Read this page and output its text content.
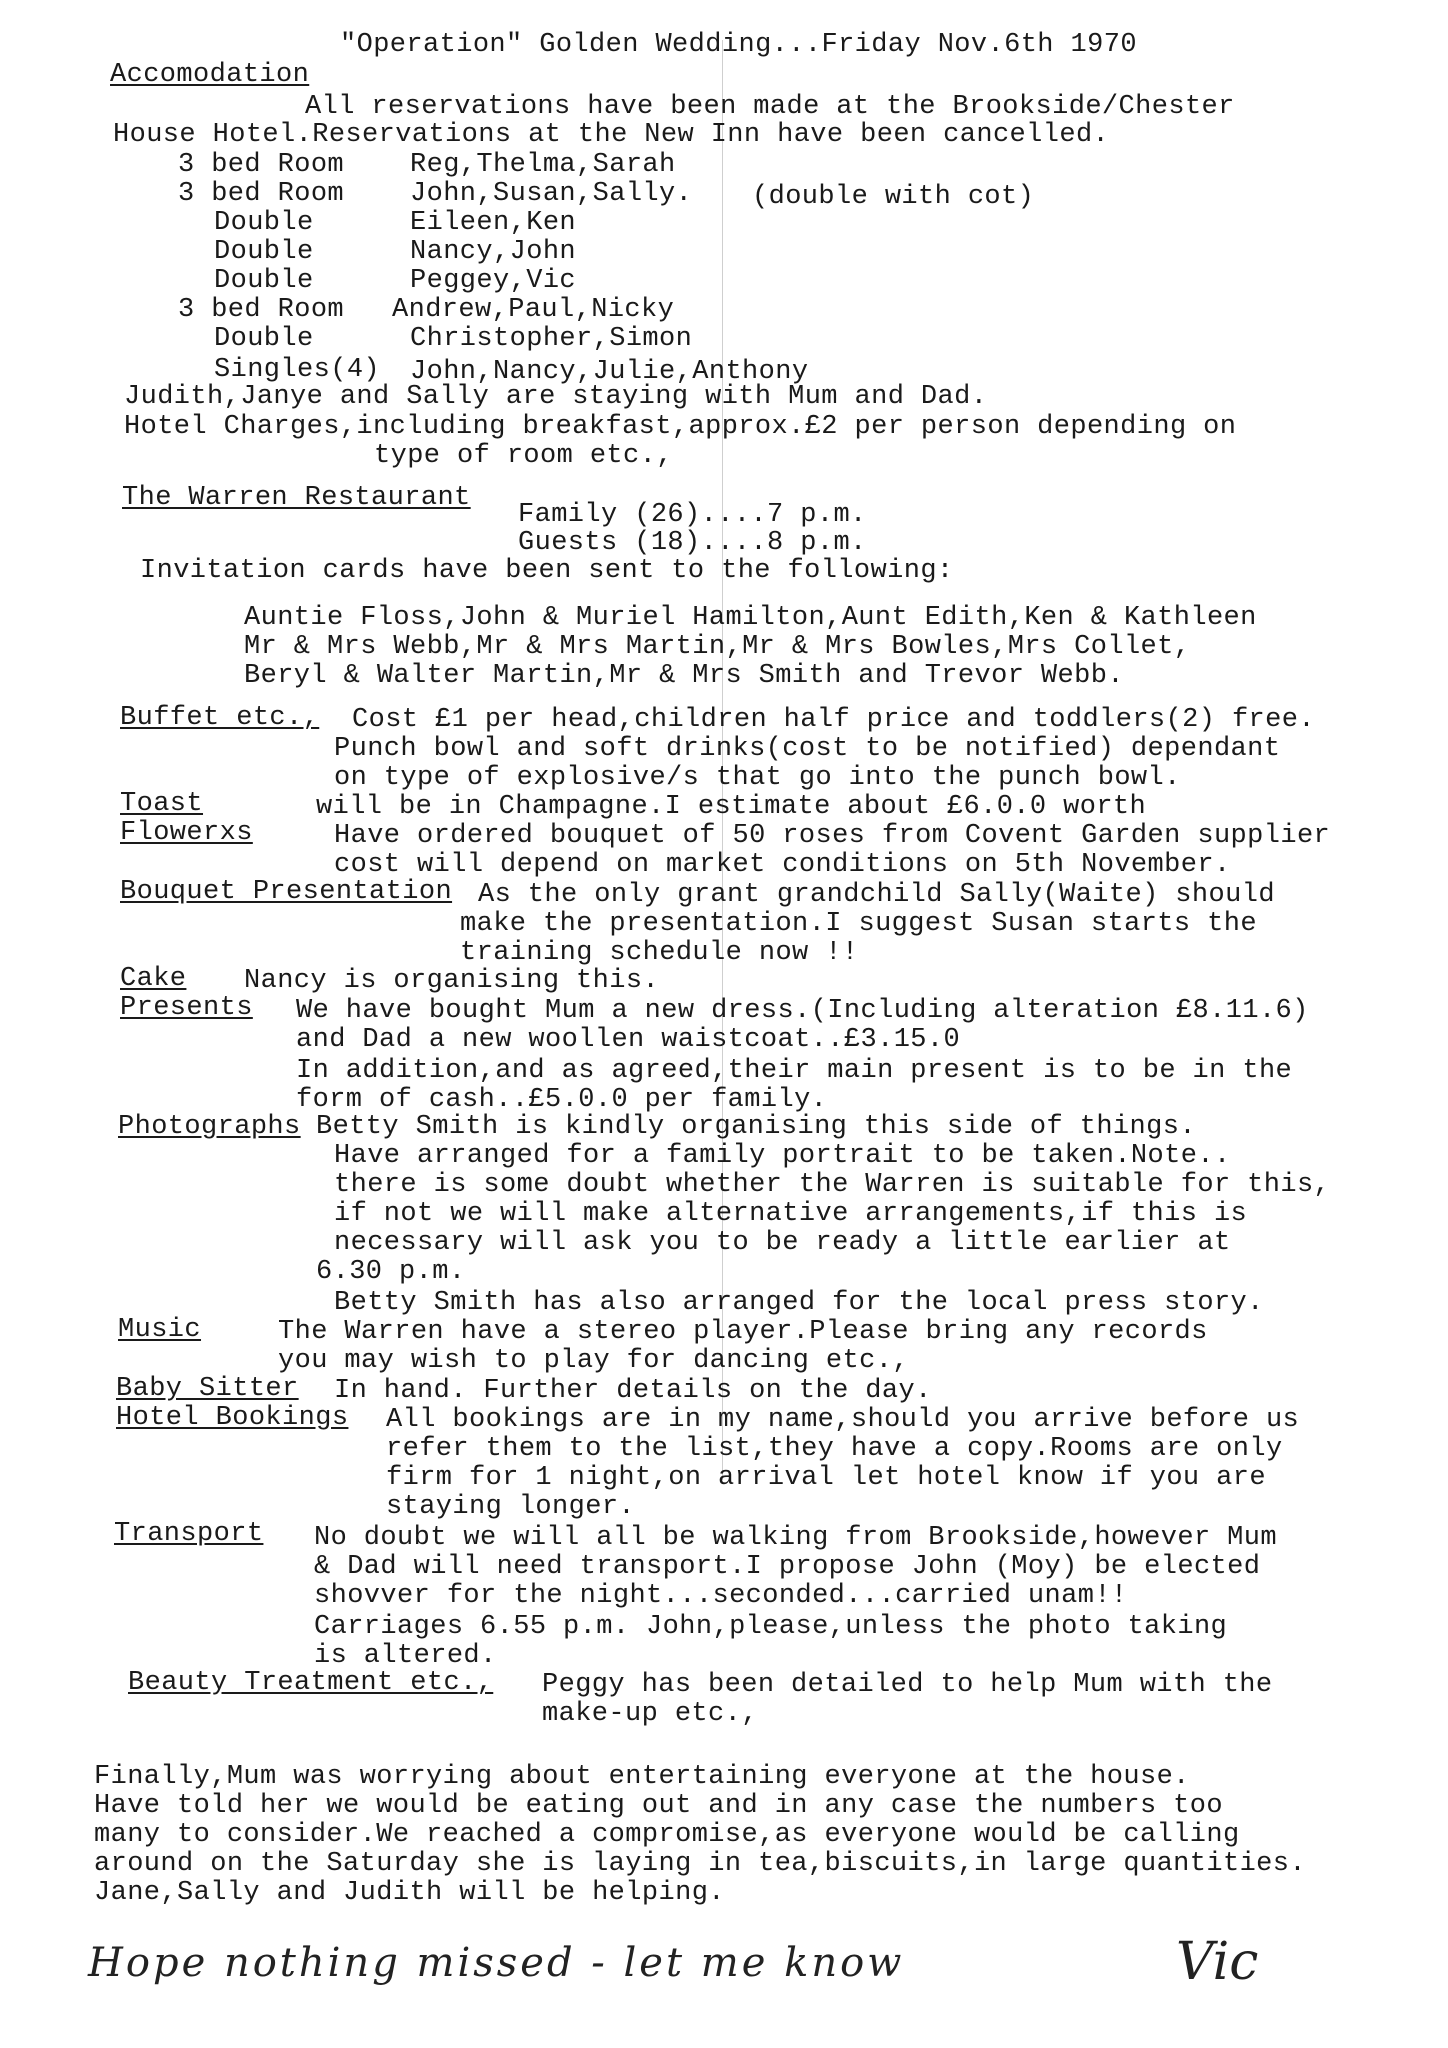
"Operation" Golden Wedding...Friday Nov.6th 1970
Accomodation
All reservations have been made at the Brookside/Chester
House Hotel.Reservations at the New Inn have been cancelled.
3 bed Room Reg,Thelma,Sarah
3 bed Room John,Susan,Sally. (double with cot)
Double	Eileen,Ken
Double	Nancy,John
Double	Peggey,Vic
3 bed Room Andrew,Paul,Nicky
Double	Christopher,Simon
Singles(4) John,Nancy,Julie,Anthony
Judith,Janye and Sally are staying with Mum and Dad.
Hotel Charges,including breakfast,approx.£2 per person depending on
type of room etc.,
The Warren Restaurant
Family (26)....7 p.m.
Guests (18)....8 p.m.
Invitation cards have been sent to the following:
Auntie Floss,John & Muriel Hamilton,Aunt Edith,Ken & Kathleen
Mr & Mrs Webb,Mr & Mrs Martin,Mr & Mrs Bowles,Mrs Collet,
Beryl & Walter Martin,Mr & Mrs Smith and Trevor Webb.
Buffet etc., Cost £1 per head,children half price and toddlers(2) free.
Punch bowl and soft drinks(cost to be notified) dependant
on type of explosive/s that go into the punch bowl.
Toast	will be in Champagne.I estimate about £6.0.0 worth
Flowerxs	Have ordered bouquet of 50 roses from Covent Garden supplier
cost will depend on market conditions on 5th November.
Bouquet Presentation As the only grant grandchild Sally(Waite) should
make the presentation.I suggest Susan starts the
training schedule now !!
Cake Nancy is organising this.
Presents We have bought Mum a new dress.(Including alteration £8.11.6)
and Dad a new woollen waistcoat..£3.15.0
In addition,and as agreed,their main present is to be in the
form of cash..£5.0.0 per family.
Photographs Betty Smith is kindly organising this side of things.
Have arranged for a family portrait to be taken.Note..
there is some doubt whether the Warren is suitable for this,
if not we will make alternative arrangements,if this is
necessary will ask you to be ready a little earlier at
6.30 p.m.
Betty Smith has also arranged for the local press story.
Music	The Warren have a stereo player.Please bring any records
you may wish to play for dancing etc.,
Baby Sitter In hand. Further details on the day.
Hotel Bookings All bookings are in my name,should you arrive before us
refer them to the list,they have a copy.Rooms are only
firm for 1 night,on arrival let hotel know if you are
staying longer.
Transport No doubt we will all be walking from Brookside,however Mum
& Dad will need transport.I propose John (Moy) be elected
shovver for the night...seconded...carried unam!!
Carriages 6.55 p.m. John,please,unless the photo taking
is altered.
Beauty Treatment etc., Peggy has been detailed to help Mum with the
make-up etc.,
Finally,Mum was worrying about entertaining everyone at the house.
Have told her we would be eating out and in any case the numbers too
many to consider.We reached a compromise,as everyone would be calling
around on the Saturday she is laying in tea,biscuits,in large quantities.
Jane,Sally and Judith will be helping.
Hope nothing missed - let me know	Vic
